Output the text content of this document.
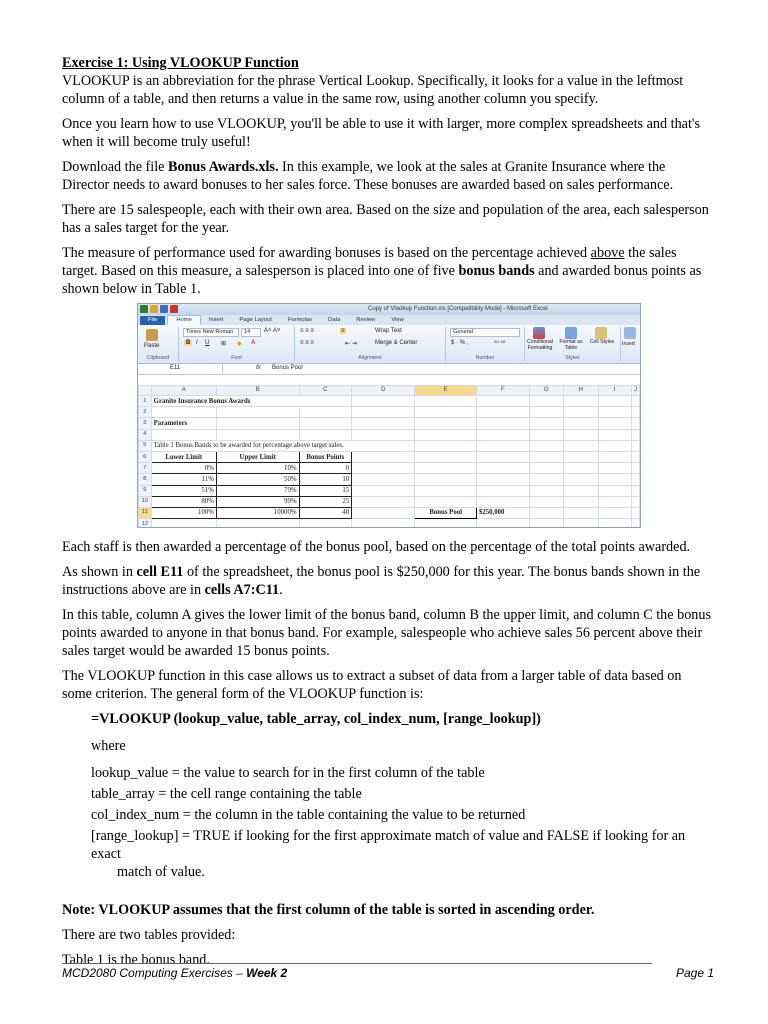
Exercise 1: Using VLOOKUP Function

VLOOKUP is an abbreviation for the phrase Vertical Lookup. Specifically, it looks for a value in the leftmost column of a table, and then returns a value in the same row, using another column you specify.

Once you learn how to use VLOOKUP, you'll be able to use it with larger, more complex spreadsheets and that's when it will become truly useful!

Download the file Bonus Awards.xls. In this example, we look at the sales at Granite Insurance where the Director needs to award bonuses to her sales force. These bonuses are awarded based on sales performance.

There are 15 salespeople, each with their own area. Based on the size and population of the area, each salesperson has a sales target for the year.

The measure of performance used for awarding bonuses is based on the percentage achieved above the sales target. Based on this measure, a salesperson is placed into one of five bonus bands and awarded bonus points as shown below in Table 1.

Copy of Vlookup Function.xls [Compatibility Mode] - Microsoft Excel
File	Home	Insert	Page Layout	Formulas	Data	Review	View
Paste
Clipboard
Times New Roman	14	A˄ A˅
B I U ⊞ ◆ A
Font
≡ ≡ ≡	≡	Wrap Text
≡ ≡ ≡	⇤ ⇥	Merge & Center
Alignment
General
$ · % ,	⁰⁰ ⁰⁰
Number
Conditional Formatting
Format as Table
Cell Styles
Styles
Insert
E11	fx Bonus Pool
	A	B	C	D	E	F	G	H	I	J
1	Granite Insurance Bonus Awards									
2										
3	Parameters									
4										
5	Table 1 Bonus Bands to be awarded for percentage above target sales.									
6	Lower Limit	Upper Limit	Bonus Points							
7	0%	10%	0							
8	11%	50%	10							
9	51%	79%	15							
10	80%	99%	25							
11	100%	10000%	40		Bonus Pool	$250,000				
12										

Each staff is then awarded a percentage of the bonus pool, based on the percentage of the total points awarded.

As shown in cell E11 of the spreadsheet, the bonus pool is $250,000 for this year. The bonus bands shown in the instructions above are in cells A7:C11.

In this table, column A gives the lower limit of the bonus band, column B the upper limit, and column C the bonus points awarded to anyone in that bonus band. For example, salespeople who achieve sales 56 percent above their sales target would be awarded 15 bonus points.

The VLOOKUP function in this case allows us to extract a subset of data from a larger table of data based on some criterion. The general form of the VLOOKUP function is:

=VLOOKUP (lookup_value, table_array, col_index_num, [range_lookup])

where

lookup_value = the value to search for in the first column of the table

table_array = the cell range containing the table

col_index_num = the column in the table containing the value to be returned

[range_lookup] = TRUE if looking for the first approximate match of value and FALSE if looking for an exact

match of value.

Note: VLOOKUP assumes that the first column of the table is sorted in ascending order.

There are two tables provided:

Table 1 is the bonus band.

MCD2080 Computing Exercises – Week 2	Page 1
